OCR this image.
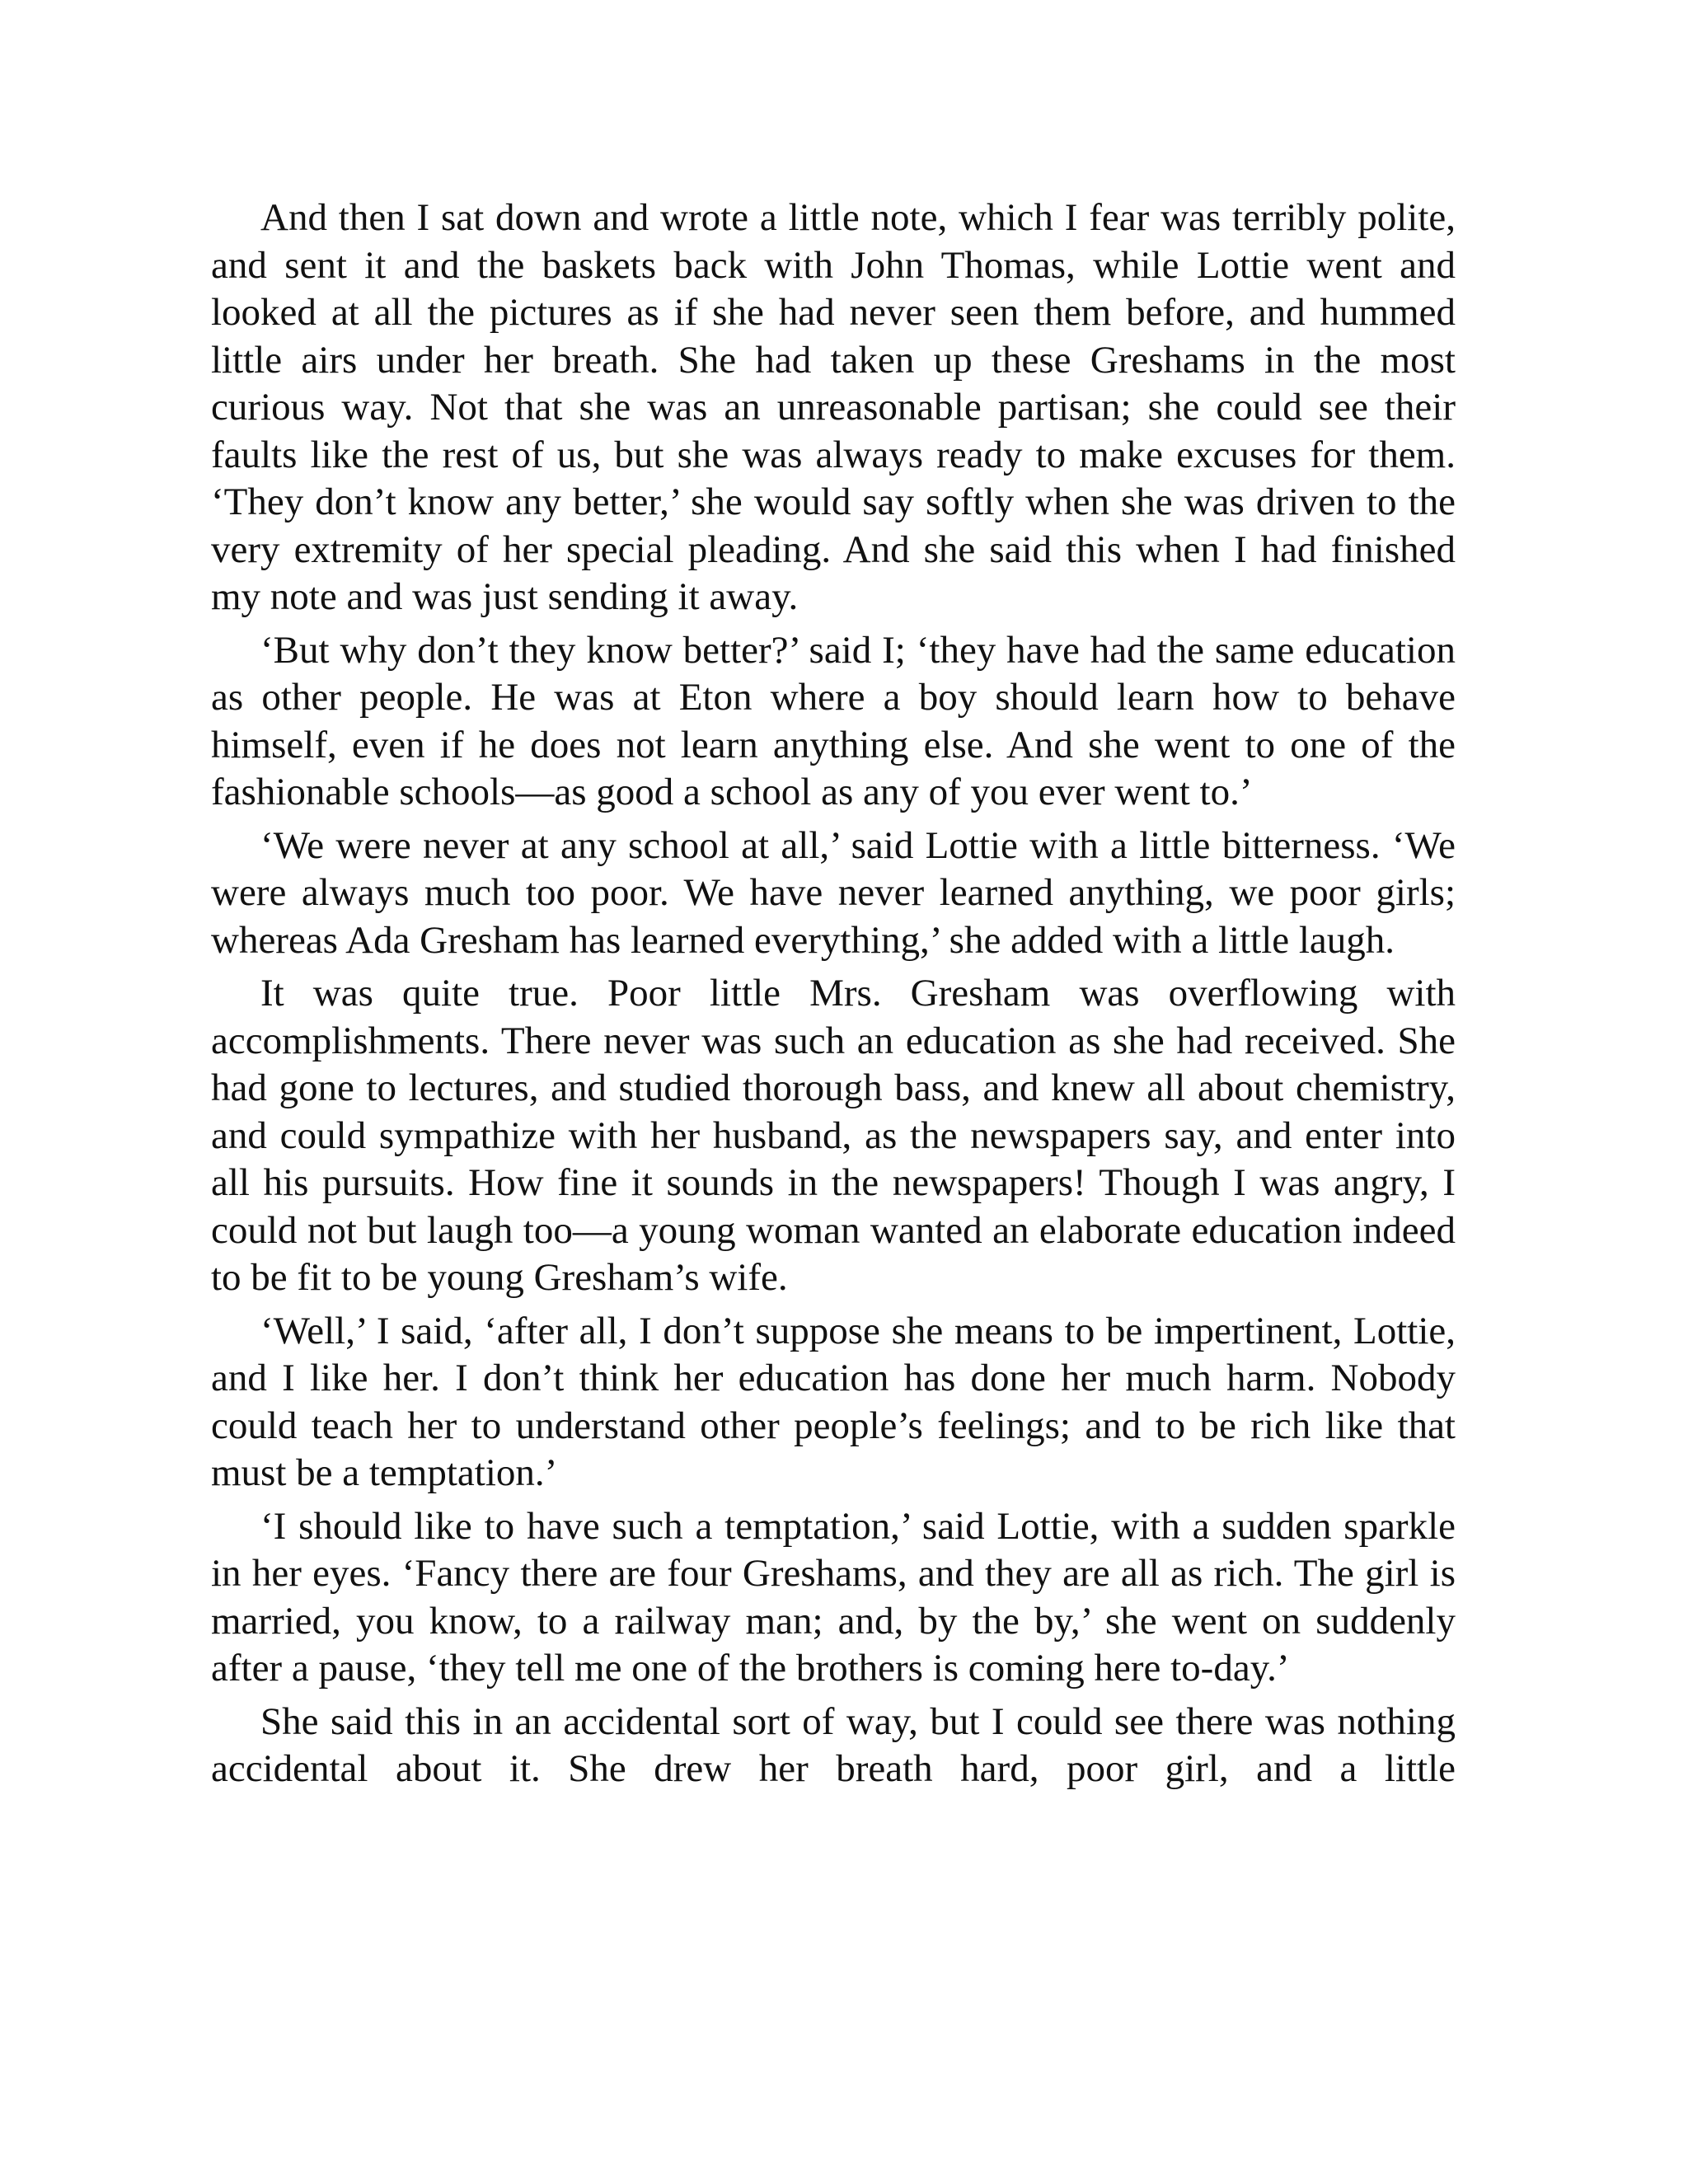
And then I sat down and wrote a little note, which I fear was terribly polite, and sent it and the baskets back with John Thomas, while Lottie went and looked at all the pictures as if she had never seen them before, and hummed little airs under her breath. She had taken up these Greshams in the most curious way. Not that she was an unreasonable partisan; she could see their faults like the rest of us, but she was always ready to make excuses for them. ‘They don’t know any better,’ she would say softly when she was driven to the very extremity of her special pleading. And she said this when I had finished my note and was just sending it away.

‘But why don’t they know better?’ said I; ‘they have had the same education as other people. He was at Eton where a boy should learn how to behave himself, even if he does not learn anything else. And she went to one of the fashionable schools—as good a school as any of you ever went to.’

‘We were never at any school at all,’ said Lottie with a little bitterness. ‘We were always much too poor. We have never learned anything, we poor girls; whereas Ada Gresham has learned everything,’ she added with a little laugh.

It was quite true. Poor little Mrs. Gresham was overflowing with accomplishments. There never was such an education as she had received. She had gone to lectures, and studied thorough bass, and knew all about chemistry, and could sympathize with her husband, as the newspapers say, and enter into all his pursuits. How fine it sounds in the newspapers! Though I was angry, I could not but laugh too—a young woman wanted an elaborate education indeed to be fit to be young Gresham’s wife.

‘Well,’ I said, ‘after all, I don’t suppose she means to be impertinent, Lottie, and I like her. I don’t think her education has done her much harm. Nobody could teach her to understand other people’s feelings; and to be rich like that must be a temptation.’

‘I should like to have such a temptation,’ said Lottie, with a sudden sparkle in her eyes. ‘Fancy there are four Greshams, and they are all as rich. The girl is married, you know, to a railway man; and, by the by,’ she went on suddenly after a pause, ‘they tell me one of the brothers is coming here to-day.’

She said this in an accidental sort of way, but I could see there was nothing accidental about it. She drew her breath hard, poor girl, and a little
